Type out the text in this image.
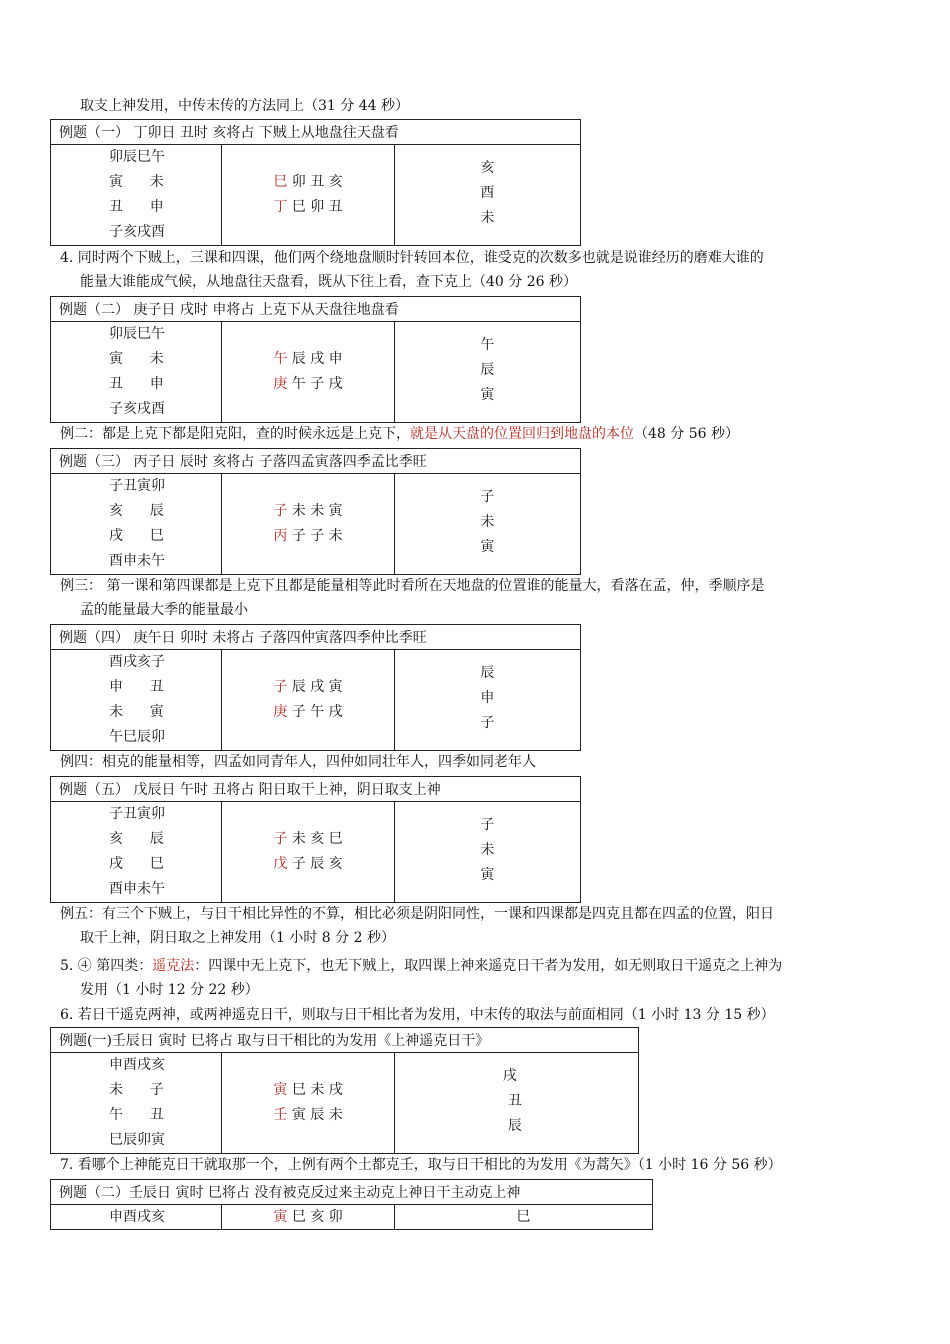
取支上神发用，中传末传的方法同上（31 分 44 秒）
例题（一） 丁卯日 丑时 亥将占 下贼上从地盘往天盘看

卯辰巳午
寅      未
丑      申
子亥戌酉

巳 卯 丑 亥
丁 巳 卯 丑

亥
酉
未
4. 同时两个下贼上，三课和四课，他们两个绕地盘顺时针转回本位，谁受克的次数多也就是说谁经历的磨难大谁的
能量大谁能成气候，从地盘往天盘看，既从下往上看，查下克上（40 分 26 秒）
例题（二） 庚子日 戌时 申将占 上克下从天盘往地盘看

卯辰巳午
寅      未
丑      申
子亥戌酉

午 辰 戌 申
庚 午 子 戌

午
辰
寅
例二：都是上克下都是阳克阳，查的时候永远是上克下，就是从天盘的位置回归到地盘的本位（48 分 56 秒）
例题（三） 丙子日 辰时 亥将占 子落四孟寅落四季孟比季旺

子丑寅卯
亥      辰
戌      巳
酉申未午

子 未 未 寅
丙 子 子 未

子
未
寅
例三： 第一课和第四课都是上克下且都是能量相等此时看所在天地盘的位置谁的能量大，看落在孟，仲，季顺序是
孟的能量最大季的能量最小
例题（四） 庚午日 卯时 未将占 子落四仲寅落四季仲比季旺

酉戌亥子
申      丑
未      寅
午巳辰卯

子 辰 戌 寅
庚 子 午 戌

辰
申
子
例四：相克的能量相等，四孟如同青年人，四仲如同壮年人，四季如同老年人
例题（五） 戊辰日 午时 丑将占 阳日取干上神，阴日取支上神

子丑寅卯
亥      辰
戌      巳
酉申未午

子 未 亥 巳
戊 子 辰 亥

子
未
寅
例五：有三个下贼上，与日干相比异性的不算，相比必须是阴阳同性，一课和四课都是四克且都在四孟的位置，阳日
取干上神，阴日取之上神发用（1 小时 8 分 2 秒）
5. ④ 第四类：遥克法：四课中无上克下，也无下贼上，取四课上神来遥克日干者为发用，如无则取日干遥克之上神为
发用（1 小时 12 分 22 秒）
6. 若日干遥克两神，或两神遥克日干，则取与日干相比者为发用，中末传的取法与前面相同（1 小时 13 分 15 秒）
例题(一)壬辰日 寅时 巳将占 取与日干相比的为发用《上神遥克日干》

申酉戌亥
未      子
午      丑
巳辰卯寅

寅 巳 未 戌
壬 寅 辰 未

戌
丑
辰
7. 看哪个上神能克日干就取那一个，上例有两个土都克壬，取与日干相比的为发用《为蒿矢》（1 小时 16 分 56 秒）
例题（二）壬辰日 寅时 巳将占 没有被克反过来主动克上神日干主动克上神

申酉戌亥	寅 巳 亥 卯	巳
